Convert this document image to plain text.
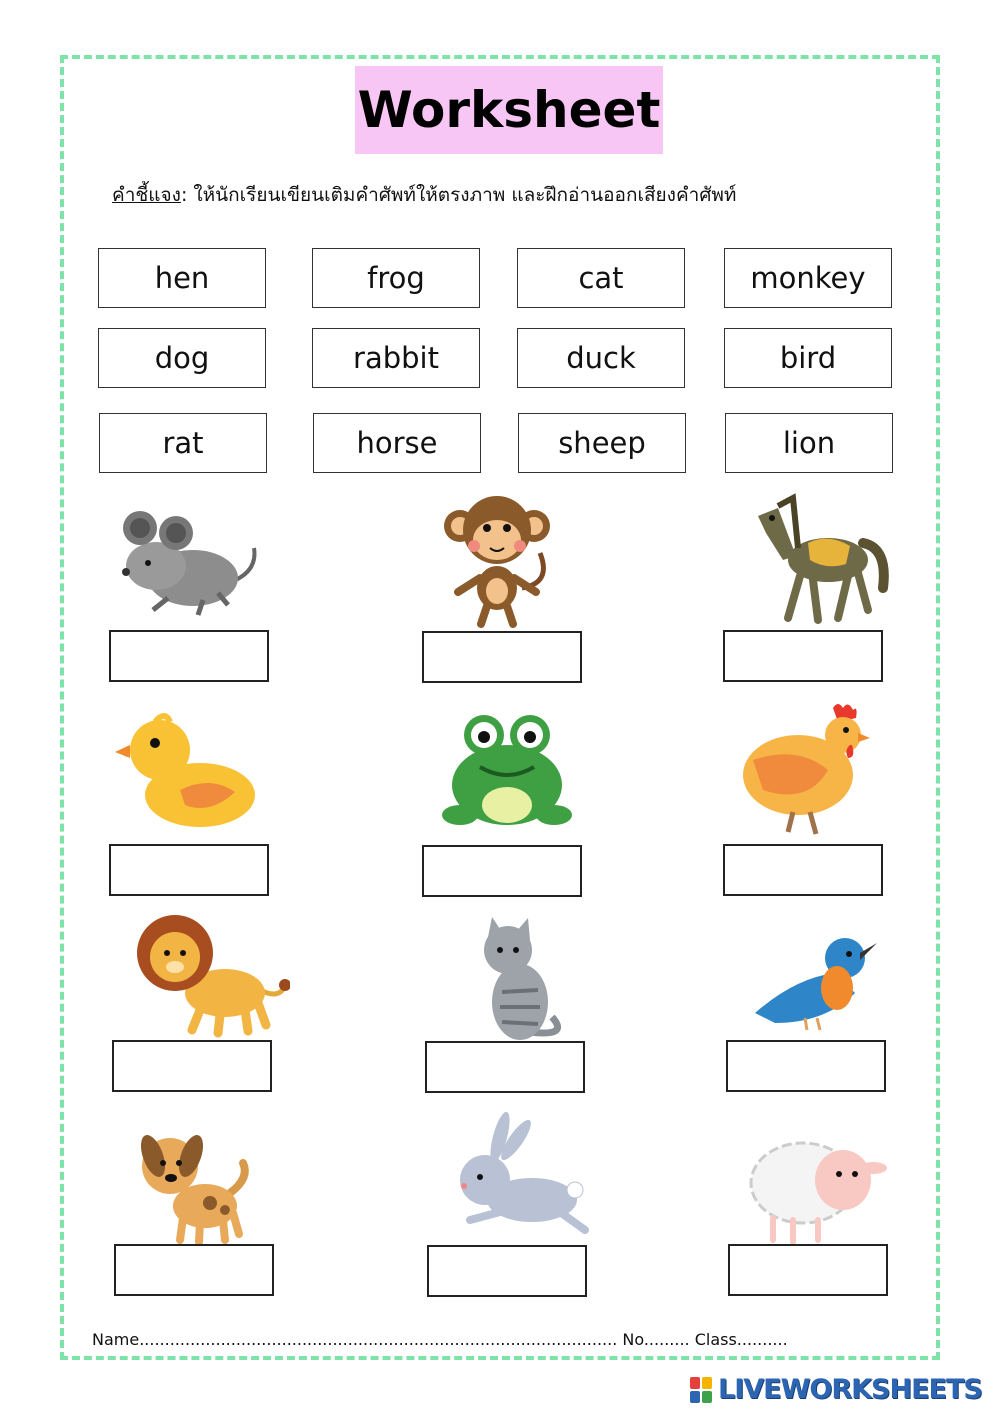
Worksheet
คำชี้แจง: ให้นักเรียนเขียนเติมคำศัพท์ให้ตรงภาพ และฝึกอ่านออกเสียงคำศัพท์
hen	frog	cat	monkey
dog	rabbit	duck	bird
rat	horse	sheep	lion
Name.............................................................................................. No......... Class..........
LIVEWORKSHEETS
